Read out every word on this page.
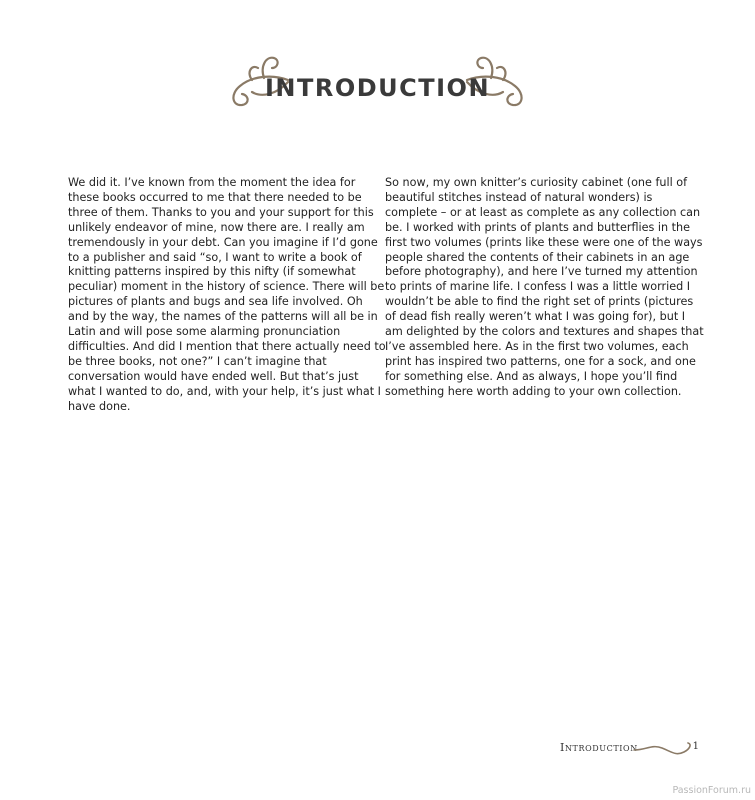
INTRODUCTION

We did it. I’ve known from the moment the idea for these books occurred to me that there needed to be three of them. Thanks to you and your support for this unlikely endeavor of mine, now there are. I really am tremendously in your debt. Can you imagine if I’d gone to a publisher and said “so, I want to write a book of knitting patterns inspired by this nifty (if somewhat peculiar) moment in the history of science. There will be pictures of plants and bugs and sea life involved. Oh and by the way, the names of the patterns will all be in Latin and will pose some alarming pronunciation difficulties. And did I mention that there actually need to be three books, not one?” I can’t imagine that conversation would have ended well. But that’s just what I wanted to do, and, with your help, it’s just what I have done.

So now, my own knitter’s curiosity cabinet (one full of beautiful stitches instead of natural wonders) is complete – or at least as complete as any collection can be. I worked with prints of plants and butterflies in the first two volumes (prints like these were one of the ways people shared the contents of their cabinets in an age before photography), and here I’ve turned my attention to prints of marine life. I confess I was a little worried I wouldn’t be able to find the right set of prints (pictures of dead fish really weren’t what I was going for), but I am delighted by the colors and textures and shapes that I’ve assembled here. As in the first two volumes, each print has inspired two patterns, one for a sock, and one for something else. And as always, I hope you’ll find something here worth adding to your own collection.

Introduction	1
PassionForum.ru
